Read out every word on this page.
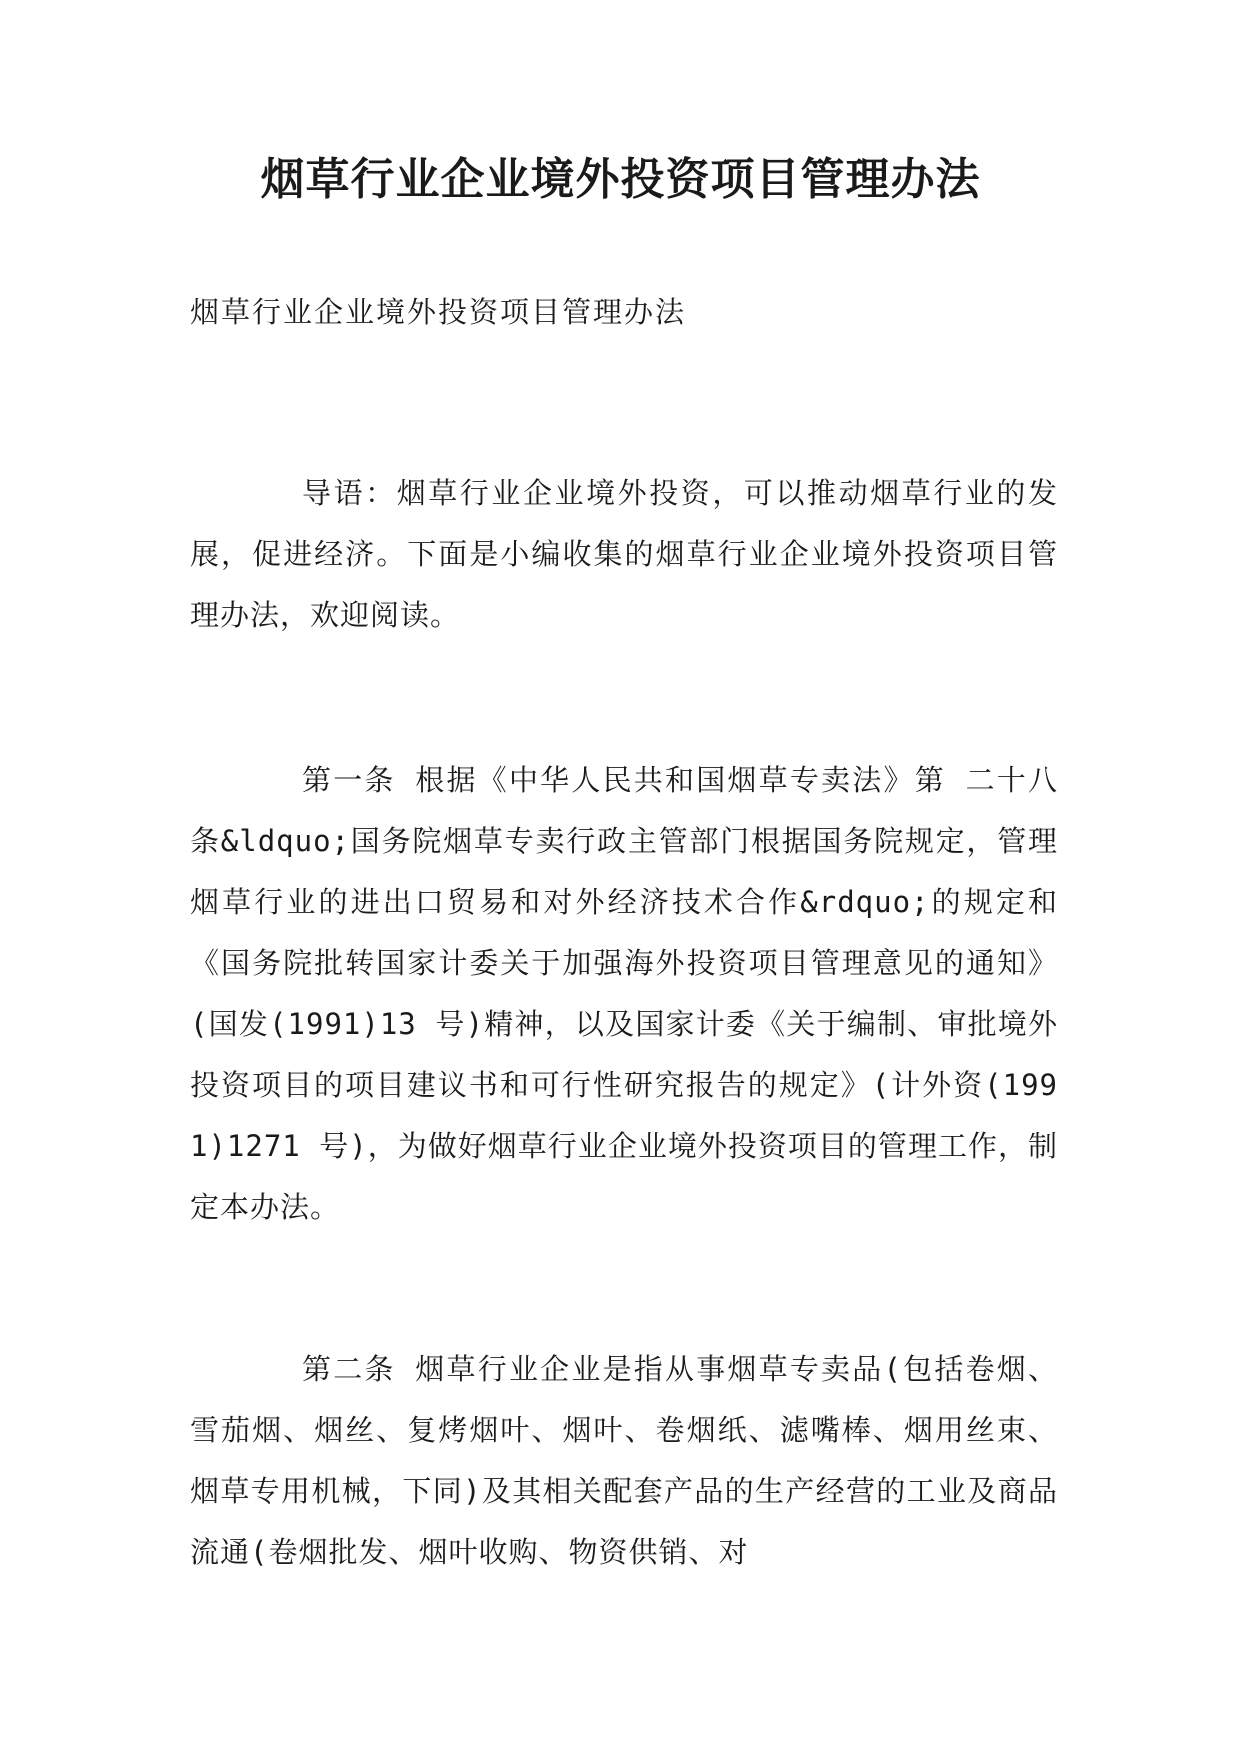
烟草行业企业境外投资项目管理办法

烟草行业企业境外投资项目管理办法

导语：烟草行业企业境外投资，可以推动烟草行业的发展，促进经济。下面是小编收集的烟草行业企业境外投资项目管理办法，欢迎阅读。

第一条 根据《中华人民共和国烟草专卖法》第 二十八条&ldquo;国务院烟草专卖行政主管部门根据国务院规定，管理烟草行业的进出口贸易和对外经济技术合作&rdquo;的规定和《国务院批转国家计委关于加强海外投资项目管理意见的通知》(国发(1991)13 号)精神，以及国家计委《关于编制、审批境外投资项目的项目建议书和可行性研究报告的规定》(计外资(1991)1271 号)，为做好烟草行业企业境外投资项目的管理工作，制定本办法。

第二条 烟草行业企业是指从事烟草专卖品(包括卷烟、雪茄烟、烟丝、复烤烟叶、烟叶、卷烟纸、滤嘴棒、烟用丝束、烟草专用机械，下同)及其相关配套产品的生产经营的工业及商品流通(卷烟批发、烟叶收购、物资供销、对
